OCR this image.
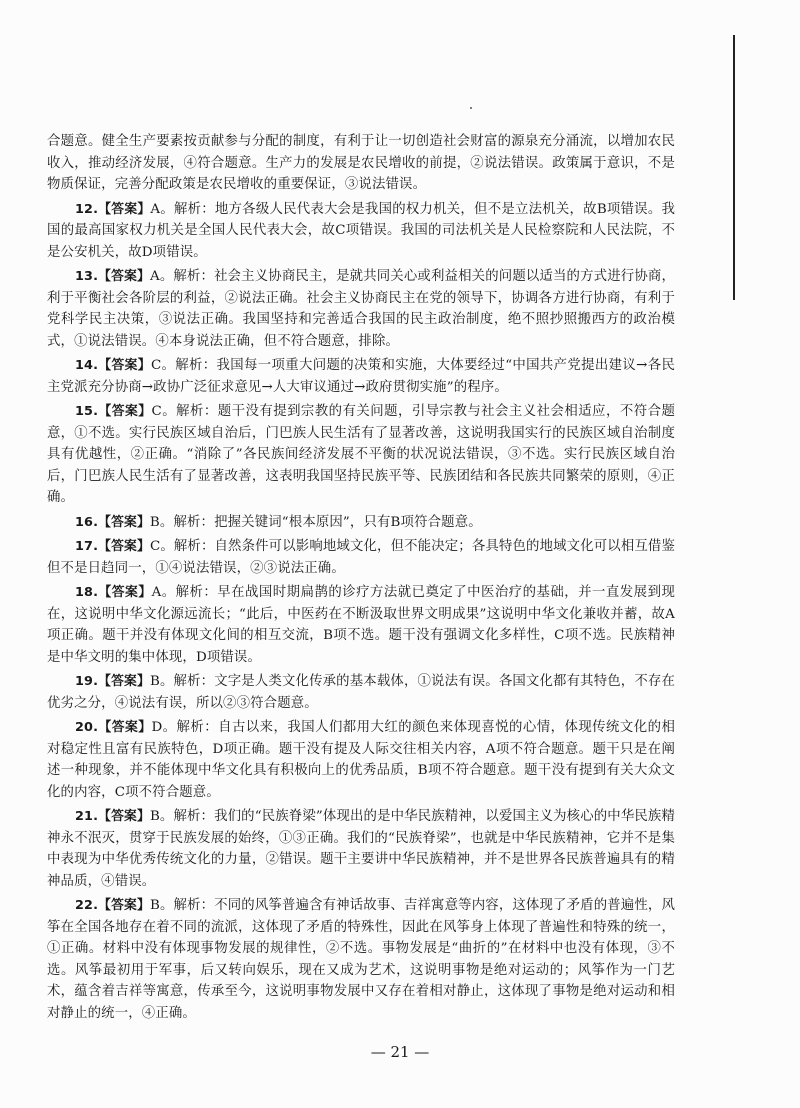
合题意。健全生产要素按贡献参与分配的制度，有利于让一切创造社会财富的源泉充分涌流，以增加农民收入，推动经济发展，④符合题意。生产力的发展是农民增收的前提，②说法错误。政策属于意识，不是物质保证，完善分配政策是农民增收的重要保证，③说法错误。

12.【答案】A。解析：地方各级人民代表大会是我国的权力机关，但不是立法机关，故B项错误。我国的最高国家权力机关是全国人民代表大会，故C项错误。我国的司法机关是人民检察院和人民法院，不是公安机关，故D项错误。

13.【答案】A。解析：社会主义协商民主，是就共同关心或利益相关的问题以适当的方式进行协商，利于平衡社会各阶层的利益，②说法正确。社会主义协商民主在党的领导下，协调各方进行协商，有利于党科学民主决策，③说法正确。我国坚持和完善适合我国的民主政治制度，绝不照抄照搬西方的政治模式，①说法错误。④本身说法正确，但不符合题意，排除。

14.【答案】C。解析：我国每一项重大问题的决策和实施，大体要经过“中国共产党提出建议→各民主党派充分协商→政协广泛征求意见→人大审议通过→政府贯彻实施”的程序。

15.【答案】C。解析：题干没有提到宗教的有关问题，引导宗教与社会主义社会相适应，不符合题意，①不选。实行民族区域自治后，门巴族人民生活有了显著改善，这说明我国实行的民族区域自治制度具有优越性，②正确。“消除了”各民族间经济发展不平衡的状况说法错误，③不选。实行民族区域自治后，门巴族人民生活有了显著改善，这表明我国坚持民族平等、民族团结和各民族共同繁荣的原则，④正确。

16.【答案】B。解析：把握关键词“根本原因”，只有B项符合题意。

17.【答案】C。解析：自然条件可以影响地域文化，但不能决定；各具特色的地域文化可以相互借鉴但不是日趋同一，①④说法错误，②③说法正确。

18.【答案】A。解析：早在战国时期扁鹊的诊疗方法就已奠定了中医治疗的基础，并一直发展到现在，这说明中华文化源远流长；“此后，中医药在不断汲取世界文明成果”这说明中华文化兼收并蓄，故A项正确。题干并没有体现文化间的相互交流，B项不选。题干没有强调文化多样性，C项不选。民族精神是中华文明的集中体现，D项错误。

19.【答案】B。解析：文字是人类文化传承的基本载体，①说法有误。各国文化都有其特色，不存在优劣之分，④说法有误，所以②③符合题意。

20.【答案】D。解析：自古以来，我国人们都用大红的颜色来体现喜悦的心情，体现传统文化的相对稳定性且富有民族特色，D项正确。题干没有提及人际交往相关内容，A项不符合题意。题干只是在阐述一种现象，并不能体现中华文化具有积极向上的优秀品质，B项不符合题意。题干没有提到有关大众文化的内容，C项不符合题意。

21.【答案】B。解析：我们的“民族脊梁”体现出的是中华民族精神，以爱国主义为核心的中华民族精神永不泯灭，贯穿于民族发展的始终，①③正确。我们的“民族脊梁”，也就是中华民族精神，它并不是集中表现为中华优秀传统文化的力量，②错误。题干主要讲中华民族精神，并不是世界各民族普遍具有的精神品质，④错误。

22.【答案】B。解析：不同的风筝普遍含有神话故事、吉祥寓意等内容，这体现了矛盾的普遍性，风筝在全国各地存在着不同的流派，这体现了矛盾的特殊性，因此在风筝身上体现了普遍性和特殊的统一，①正确。材料中没有体现事物发展的规律性，②不选。事物发展是“曲折的”在材料中也没有体现，③不选。风筝最初用于军事，后又转向娱乐，现在又成为艺术，这说明事物是绝对运动的；风筝作为一门艺术，蕴含着吉祥等寓意，传承至今，这说明事物发展中又存在着相对静止，这体现了事物是绝对运动和相对静止的统一，④正确。

— 21 —
